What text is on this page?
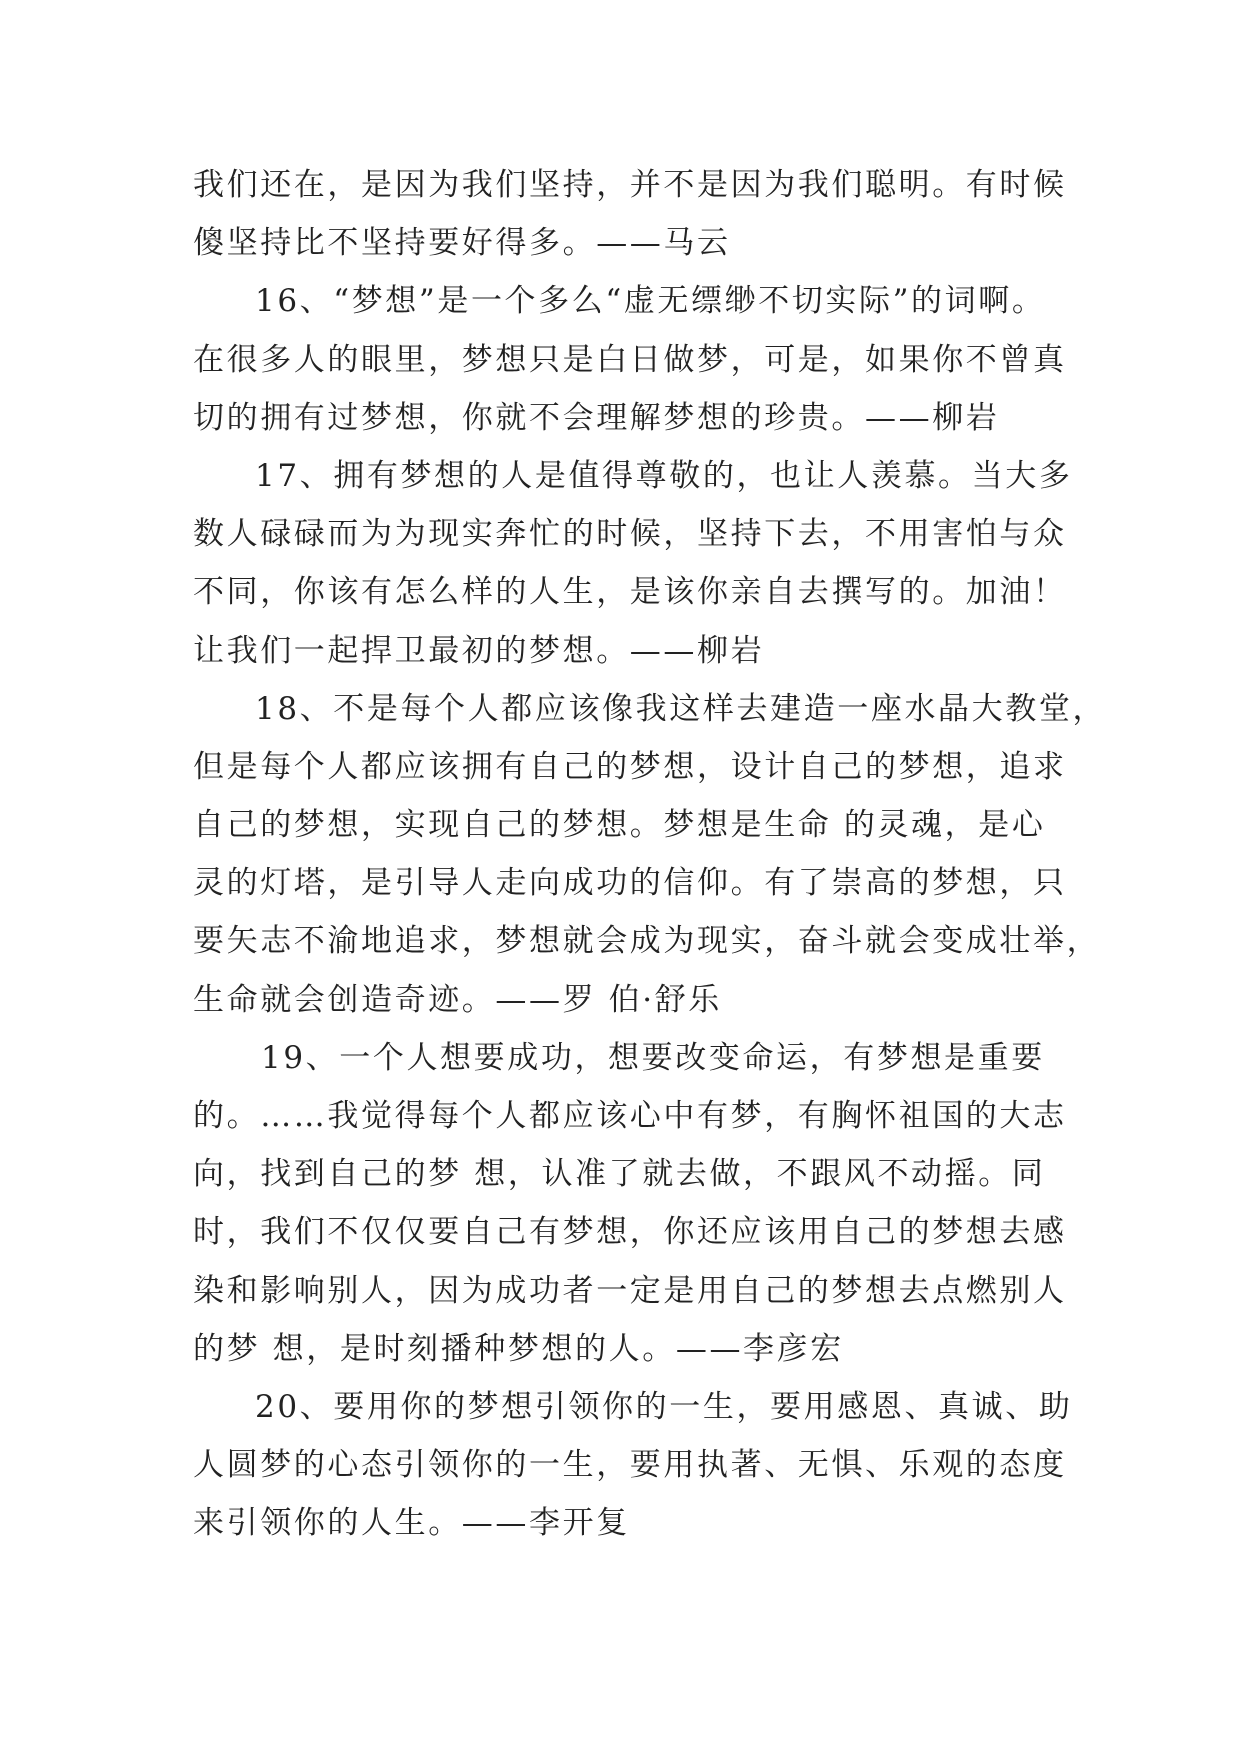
我们还在，是因为我们坚持，并不是因为我们聪明。有时候
傻坚持比不坚持要好得多。——马云
16、“梦想”是一个多么“虚无缥缈不切实际”的词啊。
在很多人的眼里，梦想只是白日做梦，可是，如果你不曾真
切的拥有过梦想，你就不会理解梦想的珍贵。——柳岩
17、拥有梦想的人是值得尊敬的，也让人羡慕。当大多
数人碌碌而为为现实奔忙的时候，坚持下去，不用害怕与众
不同，你该有怎么样的人生，是该你亲自去撰写的。加油！
让我们一起捍卫最初的梦想。——柳岩
18、不是每个人都应该像我这样去建造一座水晶大教堂，
但是每个人都应该拥有自己的梦想，设计自己的梦想，追求
自己的梦想，实现自己的梦想。梦想是生命 的灵魂，是心
灵的灯塔，是引导人走向成功的信仰。有了崇高的梦想，只
要矢志不渝地追求，梦想就会成为现实，奋斗就会变成壮举，
生命就会创造奇迹。——罗 伯·舒乐
19、一个人想要成功，想要改变命运，有梦想是重要
的。……我觉得每个人都应该心中有梦，有胸怀祖国的大志
向，找到自己的梦 想，认准了就去做，不跟风不动摇。同
时，我们不仅仅要自己有梦想，你还应该用自己的梦想去感
染和影响别人，因为成功者一定是用自己的梦想去点燃别人
的梦 想，是时刻播种梦想的人。——李彦宏
20、要用你的梦想引领你的一生，要用感恩、真诚、助
人圆梦的心态引领你的一生，要用执著、无惧、乐观的态度
来引领你的人生。——李开复
